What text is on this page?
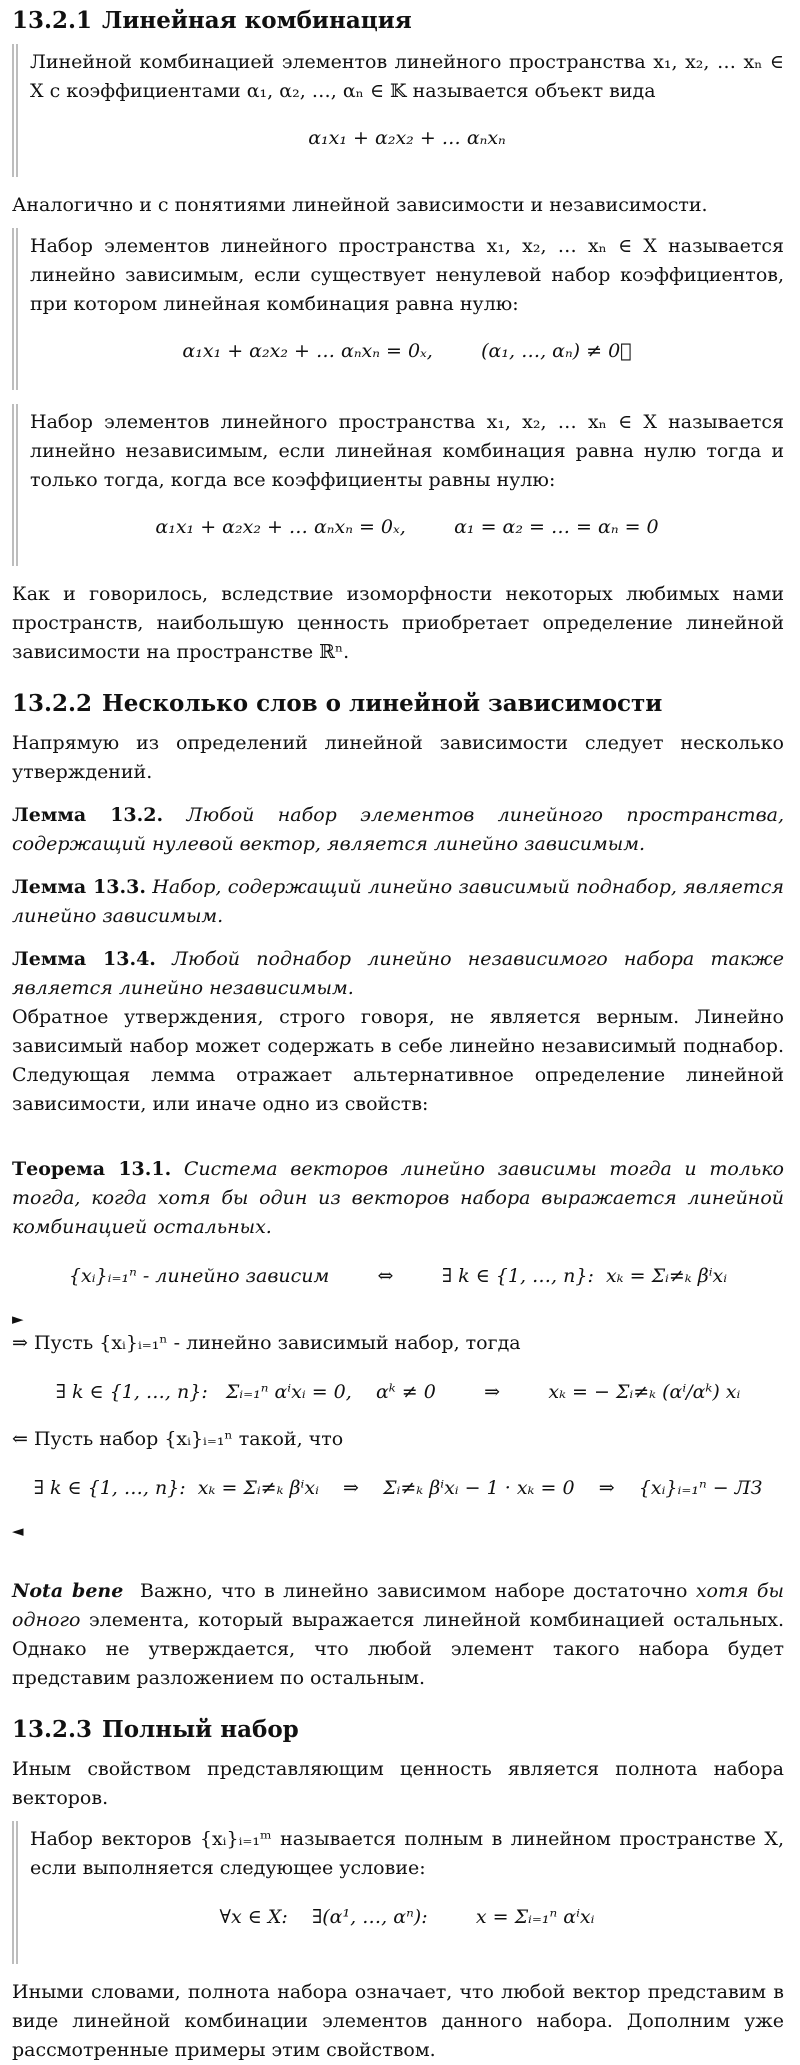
13.2.1 Линейная комбинация

Линейной комбинацией элементов линейного пространства x₁, x₂, … xₙ ∈ X с коэффициентами α₁, α₂, …, αₙ ∈ 𝕂 называется объект вида

α₁x₁ + α₂x₂ + … αₙxₙ

Аналогично и с понятиями линейной зависимости и независимости.

Набор элементов линейного пространства x₁, x₂, … xₙ ∈ X называется линейно зависимым, если существует ненулевой набор коэффициентов, при котором линейная комбинация равна нулю:

α₁x₁ + α₂x₂ + … αₙxₙ = 0ₓ,        (α₁, …, αₙ) ≠ 0⃗

Набор элементов линейного пространства x₁, x₂, … xₙ ∈ X называется линейно независимым, если линейная комбинация равна нулю тогда и только тогда, когда все коэффициенты равны нулю:

α₁x₁ + α₂x₂ + … αₙxₙ = 0ₓ,        α₁ = α₂ = … = αₙ = 0

Как и говорилось, вследствие изоморфности некоторых любимых нами пространств, наибольшую ценность приобретает определение линейной зависимости на пространстве ℝⁿ.

13.2.2 Несколько слов о линейной зависимости

Напрямую из определений линейной зависимости следует несколько утверждений.

Лемма 13.2. Любой набор элементов линейного пространства, содержащий нулевой вектор, является линейно зависимым.

Лемма 13.3. Набор, содержащий линейно зависимый поднабор, является линейно зависимым.

Лемма 13.4. Любой поднабор линейно независимого набора также является линейно независимым.

Обратное утверждения, строго говоря, не является верным. Линейно зависимый набор может содержать в себе линейно независимый поднабор. Следующая лемма отражает альтернативное определение линейной зависимости, или иначе одно из свойств:

Теорема 13.1. Система векторов линейно зависимы тогда и только тогда, когда хотя бы один из векторов набора выражается линейной комбинацией остальных.

{xᵢ}ᵢ₌₁ⁿ - линейно зависим        ⇔        ∃ k ∈ {1, …, n}:  xₖ = Σᵢ≠ₖ βⁱxᵢ
►

⇒ Пусть {xᵢ}ᵢ₌₁ⁿ - линейно зависимый набор, тогда

∃ k ∈ {1, …, n}:   Σᵢ₌₁ⁿ αⁱxᵢ = 0,    αᵏ ≠ 0        ⇒        xₖ = − Σᵢ≠ₖ (αⁱ/αᵏ) xᵢ

⇐ Пусть набор {xᵢ}ᵢ₌₁ⁿ такой, что

∃ k ∈ {1, …, n}:  xₖ = Σᵢ≠ₖ βⁱxᵢ    ⇒    Σᵢ≠ₖ βⁱxᵢ − 1 · xₖ = 0    ⇒    {xᵢ}ᵢ₌₁ⁿ − ЛЗ
◄

Nota bene Важно, что в линейно зависимом наборе достаточно хотя бы одного элемента, который выражается линейной комбинацией остальных. Однако не утверждается, что любой элемент такого набора будет представим разложением по остальным.

13.2.3 Полный набор

Иным свойством представляющим ценность является полнота набора векторов.

Набор векторов {xᵢ}ᵢ₌₁ᵐ называется полным в линейном пространстве X, если выполняется следующее условие:

∀x ∈ X:    ∃(α¹, …, αⁿ):        x = Σᵢ₌₁ⁿ αⁱxᵢ

Иными словами, полнота набора означает, что любой вектор представим в виде линейной комбинации элементов данного набора. Дополним уже рассмотренные примеры этим свойством.
